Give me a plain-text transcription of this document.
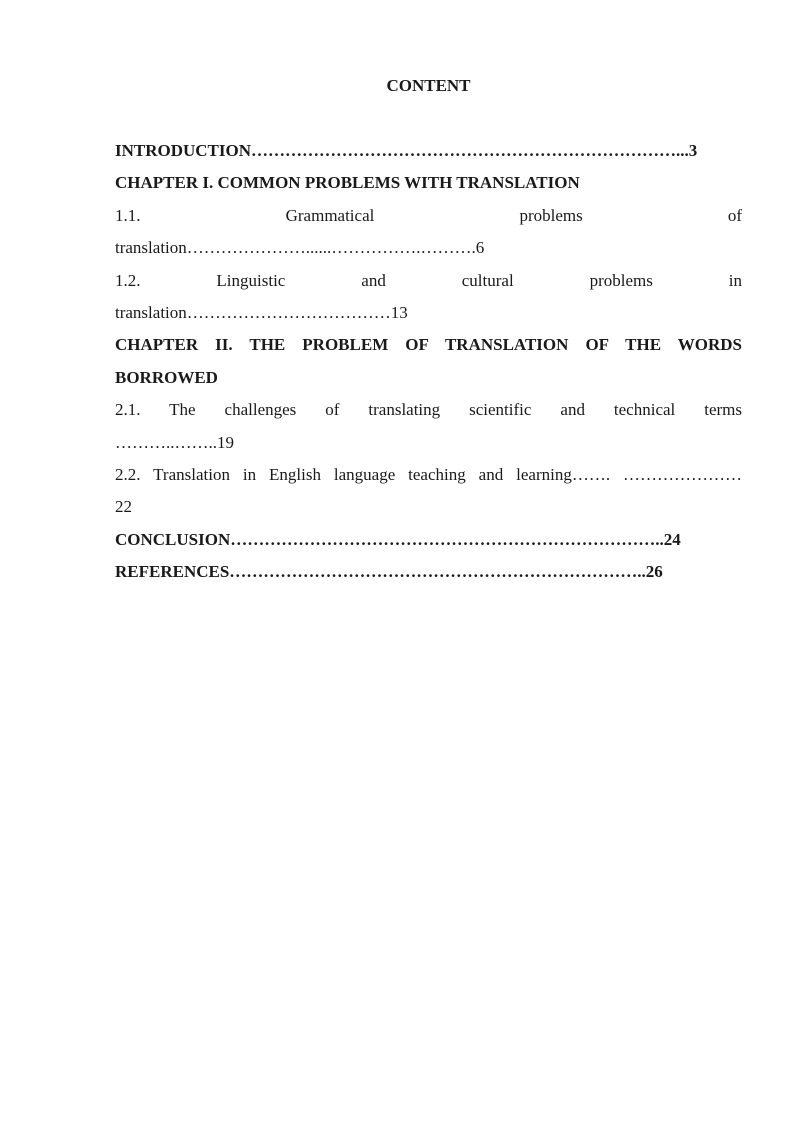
CONTENT
INTRODUCTION…………………………………………………………………...3
CHAPTER I. COMMON PROBLEMS WITH TRANSLATION
1.1. Grammatical problems of
translation…………………......…………….……….6
1.2. Linguistic and cultural problems in
translation………………………………13
CHAPTER II. THE PROBLEM OF TRANSLATION OF THE WORDS
BORROWED
2.1. The challenges of translating scientific and technical terms
………..……..19
2.2. Translation in English language teaching and learning……. …………………
22
CONCLUSION…………………………………………………………………..24
REFERENCES………………………………………………………………..26
